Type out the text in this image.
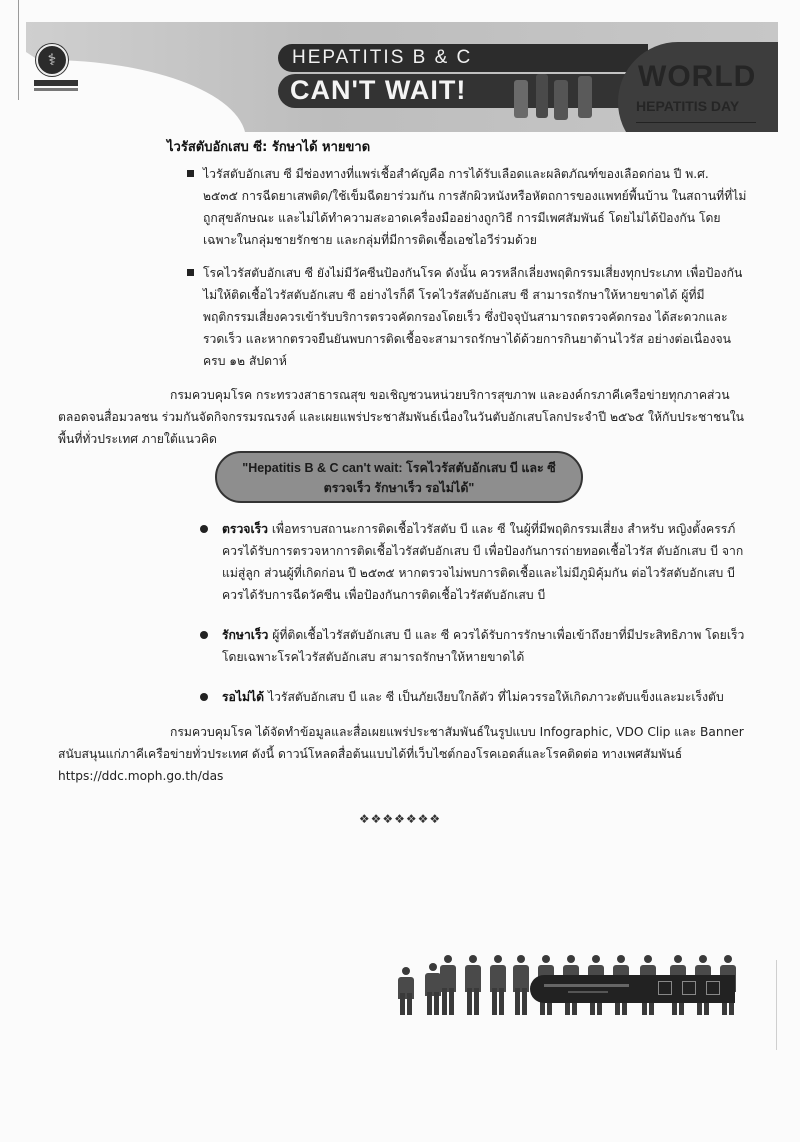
⚕	HEPATITIS B & C
CAN'T WAIT!	WORLD
HEPATITIS DAY
ไวรัสตับอักเสบ ซี: รักษาได้ หายขาด
ไวรัสตับอักเสบ ซี มีช่องทางที่แพร่เชื้อสำคัญคือ การได้รับเลือดและผลิตภัณฑ์ของเลือดก่อน ปี พ.ศ. ๒๕๓๕ การฉีดยาเสพติด/ใช้เข็มฉีดยาร่วมกัน การสักผิวหนังหรือหัตถการของแพทย์พื้นบ้าน ในสถานที่ที่ไม่ถูกสุขลักษณะ และไม่ได้ทำความสะอาดเครื่องมืออย่างถูกวิธี การมีเพศสัมพันธ์ โดยไม่ได้ป้องกัน โดยเฉพาะในกลุ่มชายรักชาย และกลุ่มที่มีการติดเชื้อเอชไอวีร่วมด้วย
โรคไวรัสตับอักเสบ ซี ยังไม่มีวัคซีนป้องกันโรค ดังนั้น ควรหลีกเลี่ยงพฤติกรรมเสี่ยงทุกประเภท เพื่อป้องกันไม่ให้ติดเชื้อไวรัสตับอักเสบ ซี อย่างไรก็ดี โรคไวรัสตับอักเสบ ซี สามารถรักษาให้หายขาดได้ ผู้ที่มีพฤติกรรมเสี่ยงควรเข้ารับบริการตรวจคัดกรองโดยเร็ว ซึ่งปัจจุบันสามารถตรวจคัดกรอง ได้สะดวกและรวดเร็ว และหากตรวจยืนยันพบการติดเชื้อจะสามารถรักษาได้ด้วยการกินยาต้านไวรัส อย่างต่อเนื่องจนครบ ๑๒ สัปดาห์
กรมควบคุมโรค กระทรวงสาธารณสุข ขอเชิญชวนหน่วยบริการสุขภาพ และองค์กรภาคีเครือข่ายทุกภาคส่วน ตลอดจนสื่อมวลชน ร่วมกันจัดกิจกรรมรณรงค์ และเผยแพร่ประชาสัมพันธ์เนื่องในวันตับอักเสบโลกประจำปี ๒๕๖๕ ให้กับประชาชนในพื้นที่ทั่วประเทศ ภายใต้แนวคิด
"Hepatitis B & C can't wait: โรคไวรัสตับอักเสบ บี และ ซี
ตรวจเร็ว รักษาเร็ว รอไม่ได้"
ตรวจเร็ว เพื่อทราบสถานะการติดเชื้อไวรัสตับ บี และ ซี ในผู้ที่มีพฤติกรรมเสี่ยง สำหรับ หญิงตั้งครรภ์ควรได้รับการตรวจหาการติดเชื้อไวรัสตับอักเสบ บี เพื่อป้องกันการถ่ายทอดเชื้อไวรัส ตับอักเสบ บี จากแม่สู่ลูก ส่วนผู้ที่เกิดก่อน ปี ๒๕๓๕ หากตรวจไม่พบการติดเชื้อและไม่มีภูมิคุ้มกัน ต่อไวรัสตับอักเสบ บี ควรได้รับการฉีดวัคซีน เพื่อป้องกันการติดเชื้อไวรัสตับอักเสบ บี
รักษาเร็ว ผู้ที่ติดเชื้อไวรัสตับอักเสบ บี และ ซี ควรได้รับการรักษาเพื่อเข้าถึงยาที่มีประสิทธิภาพ โดยเร็ว โดยเฉพาะโรคไวรัสตับอักเสบ สามารถรักษาให้หายขาดได้
รอไม่ได้ ไวรัสตับอักเสบ บี และ ซี เป็นภัยเงียบใกล้ตัว ที่ไม่ควรรอให้เกิดภาวะตับแข็งและมะเร็งตับ
กรมควบคุมโรค ได้จัดทำข้อมูลและสื่อเผยแพร่ประชาสัมพันธ์ในรูปแบบ Infographic, VDO Clip และ Banner สนับสนุนแก่ภาคีเครือข่ายทั่วประเทศ ดังนี้ ดาวน์โหลดสื่อต้นแบบได้ที่เว็บไซต์กองโรคเอดส์และโรคติดต่อ ทางเพศสัมพันธ์ https://ddc.moph.go.th/das
❖❖❖❖❖❖❖
